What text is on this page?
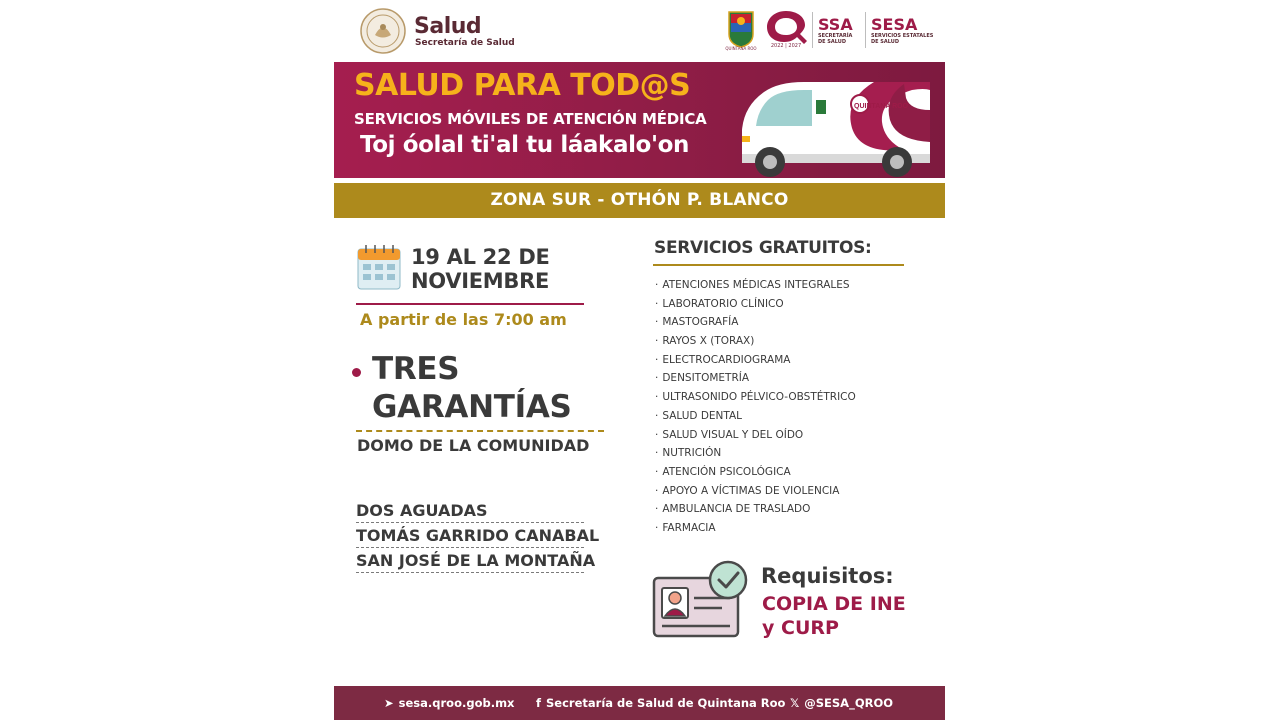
Salud
Secretaría de Salud
QUINTANA ROO	2022 | 2027
SSA
SECRETARÍA DE SALUD
SESA
SERVICIOS ESTATALES DE SALUD
SALUD PARA TOD@S
SERVICIOS MÓVILES DE ATENCIÓN MÉDICA
Toj óolal ti'al tu láakalo'on
QUINTANA ROO
ZONA SUR - OTHÓN P. BLANCO
19 AL 22 DE
NOVIEMBRE
A partir de las 7:00 am
TRES
GARANTÍAS
DOMO DE LA COMUNIDAD
DOS AGUADAS
TOMÁS GARRIDO CANABAL
SAN JOSÉ DE LA MONTAÑA
SERVICIOS GRATUITOS:
· ATENCIONES MÉDICAS INTEGRALES
· LABORATORIO CLÍNICO
· MASTOGRAFÍA
· RAYOS X (TORAX)
· ELECTROCARDIOGRAMA
· DENSITOMETRÍA
· ULTRASONIDO PÉLVICO-OBSTÉTRICO
· SALUD DENTAL
· SALUD VISUAL Y DEL OÍDO
· NUTRICIÓN
· ATENCIÓN PSICOLÓGICA
· APOYO A VÍCTIMAS DE VIOLENCIA
· AMBULANCIA DE TRASLADO
· FARMACIA
Requisitos:
COPIA DE INE
y CURP
➤ sesa.qroo.gob.mx f Secretaría de Salud de Quintana Roo 𝕏 @SESA_QROO
